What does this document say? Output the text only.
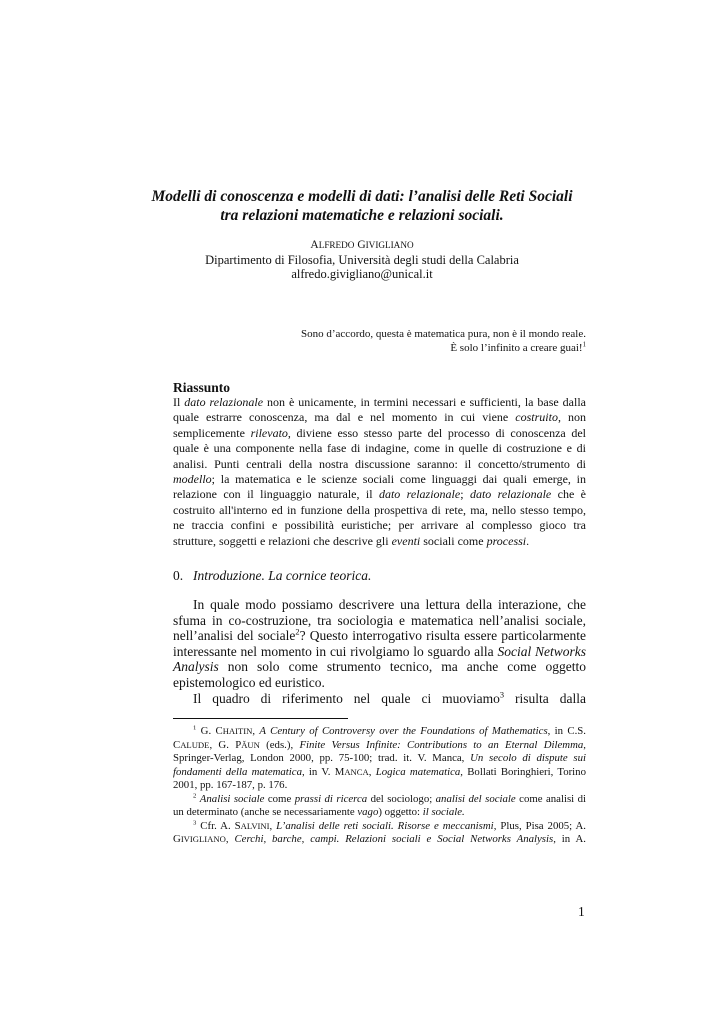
Modelli di conoscenza e modelli di dati: l’analisi delle Reti Sociali
tra relazioni matematiche e relazioni sociali.
ALFREDO GIVIGLIANO
Dipartimento di Filosofia, Università degli studi della Calabria
alfredo.givigliano@unical.it
Sono d’accordo, questa è matematica pura, non è il mondo reale.
È solo l’infinito a creare guai!$^1$
Riassunto
Il dato relazionale non è unicamente, in termini necessari e sufficienti, la base dalla
quale estrarre conoscenza, ma dal e nel momento in cui viene costruito, non
semplicemente rilevato, diviene esso stesso parte del processo di conoscenza del
quale è una componente nella fase di indagine, come in quelle di costruzione e di
analisi. Punti centrali della nostra discussione saranno: il concetto/strumento di
modello; la matematica e le scienze sociali come linguaggi dai quali emerge, in
relazione con il linguaggio naturale, il dato relazionale; dato relazionale che è
costruito all'interno ed in funzione della prospettiva di rete, ma, nello stesso tempo,
ne traccia confini e possibilità euristiche; per arrivare al complesso gioco tra
strutture, soggetti e relazioni che descrive gli eventi sociali come processi.
0. Introduzione. La cornice teorica.
In quale modo possiamo descrivere una lettura della interazione, che
sfuma in co-costruzione, tra sociologia e matematica nell’analisi sociale,
nell’analisi del sociale$^2$? Questo interrogativo risulta essere particolarmente
interessante nel momento in cui rivolgiamo lo sguardo alla Social Networks
Analysis non solo come strumento tecnico, ma anche come oggetto
epistemologico ed euristico.
Il quadro di riferimento nel quale ci muoviamo$^3$ risulta dalla
$^1$ G. CHAITIN, A Century of Controversy over the Foundations of Mathematics, in C.S.
CALUDE, G. PĂUN (eds.), Finite Versus Infinite: Contributions to an Eternal Dilemma,
Springer-Verlag, London 2000, pp. 75-100; trad. it. V. Manca, Un secolo di dispute sui
fondamenti della matematica, in V. MANCA, Logica matematica, Bollati Boringhieri, Torino
2001, pp. 167-187, p. 176.
$^2$ Analisi sociale come prassi di ricerca del sociologo; analisi del sociale come analisi di
un determinato (anche se necessariamente vago) oggetto: il sociale.
$^3$ Cfr. A. SALVINI, L’analisi delle reti sociali. Risorse e meccanismi, Plus, Pisa 2005; A.
GIVIGLIANO, Cerchi, barche, campi. Relazioni sociali e Social Networks Analysis, in A.
1
